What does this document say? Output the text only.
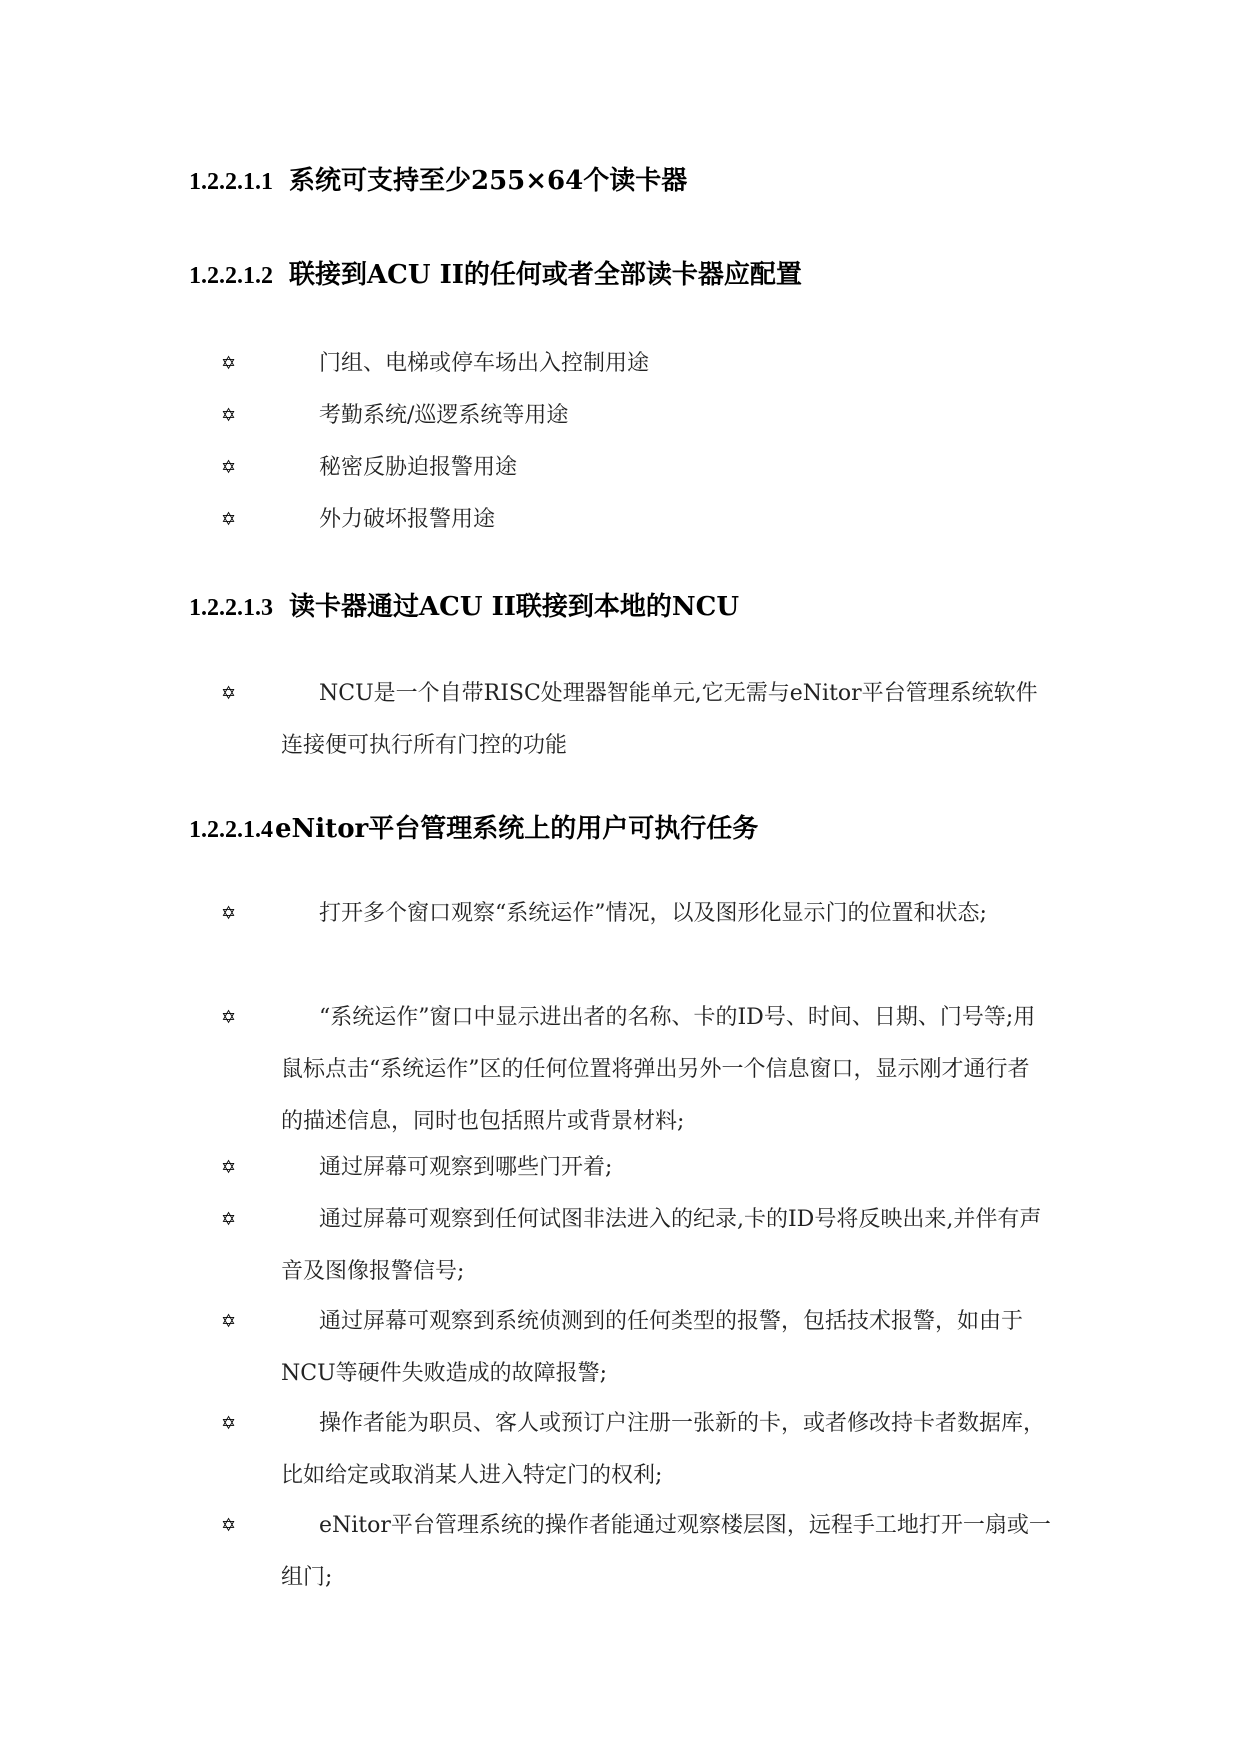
1.2.2.1.1 系统可支持至少255×64个读卡器
1.2.2.1.2 联接到ACU II的任何或者全部读卡器应配置
✡	门组、电梯或停车场出入控制用途
✡	考勤系统/巡逻系统等用途
✡	秘密反胁迫报警用途
✡	外力破坏报警用途
1.2.2.1.3 读卡器通过ACU II联接到本地的NCU
✡	NCU是一个自带RISC处理器智能单元,它无需与eNitor平台管理系统软件连接便可执行所有门控的功能
1.2.2.1.4eNitor平台管理系统上的用户可执行任务
✡	打开多个窗口观察“系统运作”情况，以及图形化显示门的位置和状态;
✡	“系统运作”窗口中显示进出者的名称、卡的ID号、时间、日期、门号等;用鼠标点击“系统运作”区的任何位置将弹出另外一个信息窗口，显示刚才通行者的描述信息，同时也包括照片或背景材料;
✡	通过屏幕可观察到哪些门开着;
✡	通过屏幕可观察到任何试图非法进入的纪录,卡的ID号将反映出来,并伴有声音及图像报警信号;
✡	通过屏幕可观察到系统侦测到的任何类型的报警，包括技术报警，如由于NCU等硬件失败造成的故障报警;
✡	操作者能为职员、客人或预订户注册一张新的卡，或者修改持卡者数据库，比如给定或取消某人进入特定门的权利;
✡	eNitor平台管理系统的操作者能通过观察楼层图，远程手工地打开一扇或一组门;
